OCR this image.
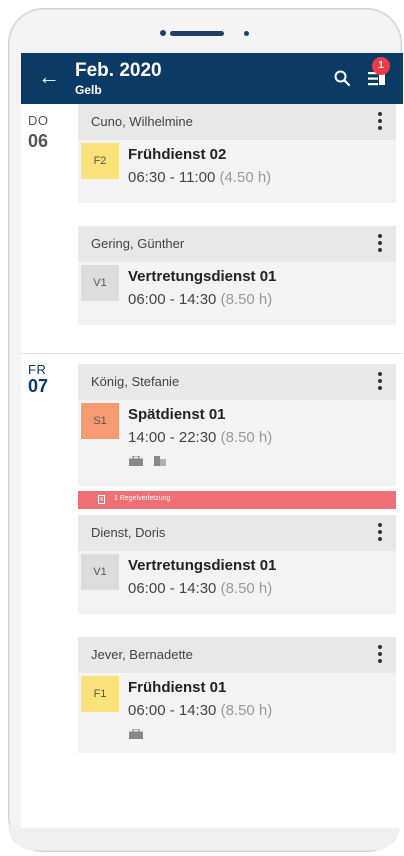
← Feb. 2020
Gelb
1
DO
06
Cuno, Wilhelmine
F2	Frühdienst 02
06:30 - 11:00 (4.50 h)
Gering, Günther
V1	Vertretungsdienst 01
06:00 - 14:30 (8.50 h)
FR
07	König, Stefanie
S1	Spätdienst 01
14:00 - 22:30 (8.50 h)
1 Regelverletzung
Dienst, Doris
V1	Vertretungsdienst 01
06:00 - 14:30 (8.50 h)
Jever, Bernadette
F1	Frühdienst 01
06:00 - 14:30 (8.50 h)
